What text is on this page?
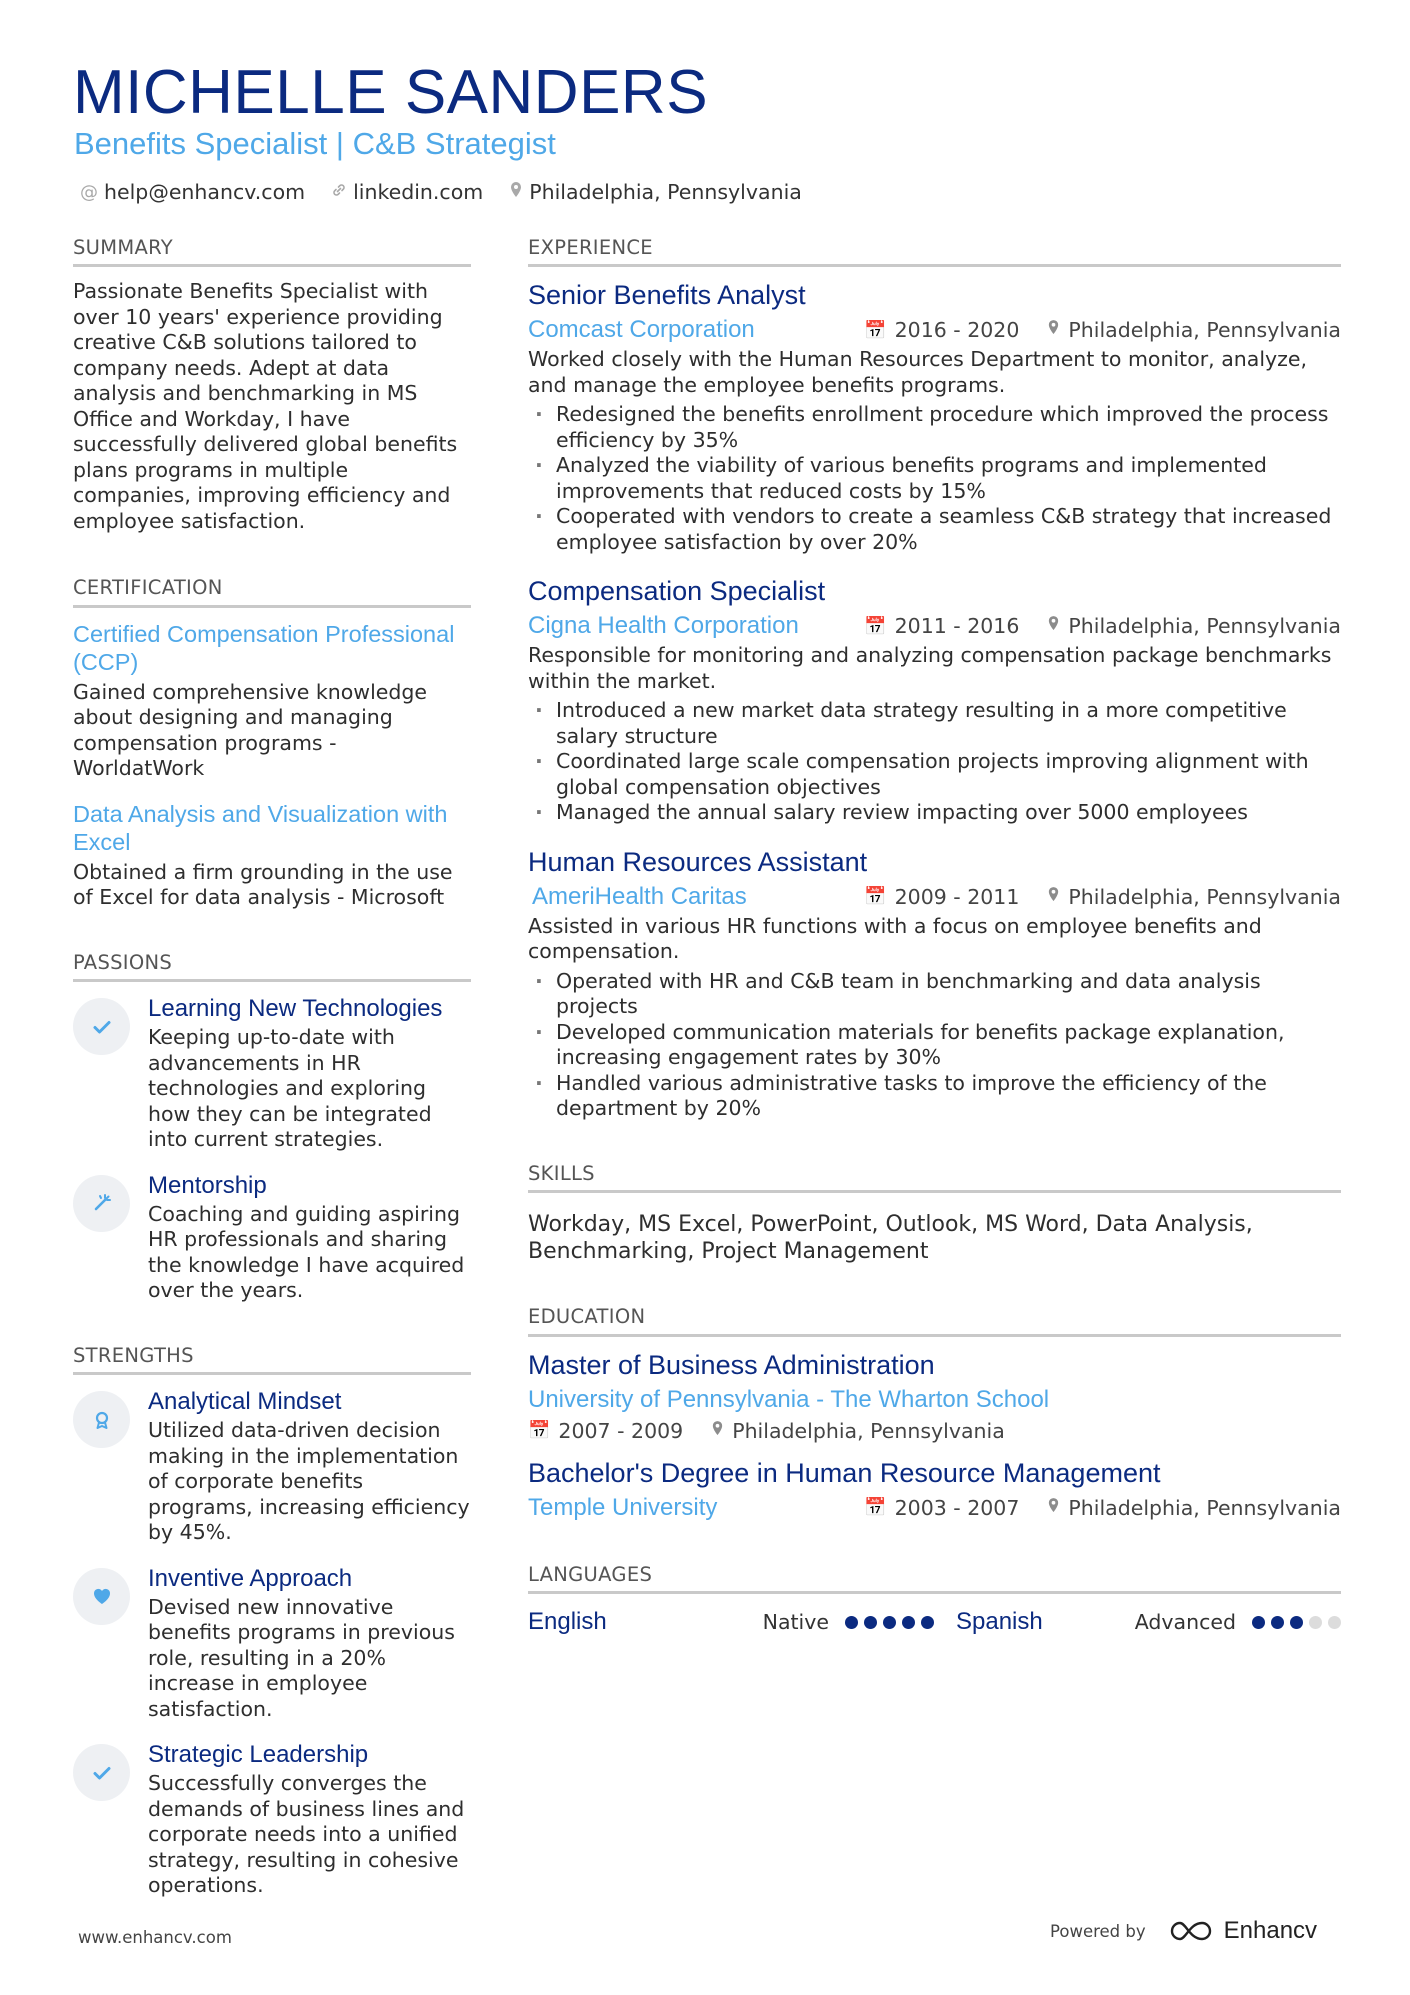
MICHELLE SANDERS
Benefits Specialist | C&B Strategist
@ help@enhancv.com linkedin.com Philadelphia, Pennsylvania
SUMMARY
Passionate Benefits Specialist with over 10 years' experience providing creative C&B solutions tailored to company needs. Adept at data analysis and benchmarking in MS Office and Workday, I have successfully delivered global benefits plans programs in multiple companies, improving efficiency and employee satisfaction.
CERTIFICATION
Certified Compensation Professional (CCP)
Gained comprehensive knowledge about designing and managing compensation programs - WorldatWork
Data Analysis and Visualization with Excel
Obtained a firm grounding in the use of Excel for data analysis - Microsoft
PASSIONS
Learning New Technologies
Keeping up-to-date with advancements in HR technologies and exploring how they can be integrated into current strategies.
Mentorship
Coaching and guiding aspiring HR professionals and sharing the knowledge I have acquired over the years.
STRENGTHS
Analytical Mindset
Utilized data-driven decision making in the implementation of corporate benefits programs, increasing efficiency by 45%.
Inventive Approach
Devised new innovative benefits programs in previous role, resulting in a 20% increase in employee satisfaction.
Strategic Leadership
Successfully converges the demands of business lines and corporate needs into a unified strategy, resulting in cohesive operations.
EXPERIENCE
Senior Benefits Analyst
Comcast Corporation	📅 2016 - 2020 Philadelphia, Pennsylvania
Worked closely with the Human Resources Department to monitor, analyze, and manage the employee benefits programs.
· Redesigned the benefits enrollment procedure which improved the process efficiency by 35%
· Analyzed the viability of various benefits programs and implemented improvements that reduced costs by 15%
· Cooperated with vendors to create a seamless C&B strategy that increased employee satisfaction by over 20%
Compensation Specialist
Cigna Health Corporation	📅 2011 - 2016 Philadelphia, Pennsylvania
Responsible for monitoring and analyzing compensation package benchmarks within the market.
· Introduced a new market data strategy resulting in a more competitive salary structure
· Coordinated large scale compensation projects improving alignment with global compensation objectives
· Managed the annual salary review impacting over 5000 employees
Human Resources Assistant
AmeriHealth Caritas	📅 2009 - 2011 Philadelphia, Pennsylvania
Assisted in various HR functions with a focus on employee benefits and compensation.
· Operated with HR and C&B team in benchmarking and data analysis projects
· Developed communication materials for benefits package explanation, increasing engagement rates by 30%
· Handled various administrative tasks to improve the efficiency of the department by 20%
SKILLS
Workday, MS Excel, PowerPoint, Outlook, MS Word, Data Analysis, Benchmarking, Project Management
EDUCATION
Master of Business Administration
University of Pennsylvania - The Wharton School
📅 2007 - 2009 Philadelphia, Pennsylvania
Bachelor's Degree in Human Resource Management
Temple University	📅 2003 - 2007 Philadelphia, Pennsylvania
LANGUAGES
English	Native	Spanish	Advanced
www.enhancv.com	Powered by	Enhancv
